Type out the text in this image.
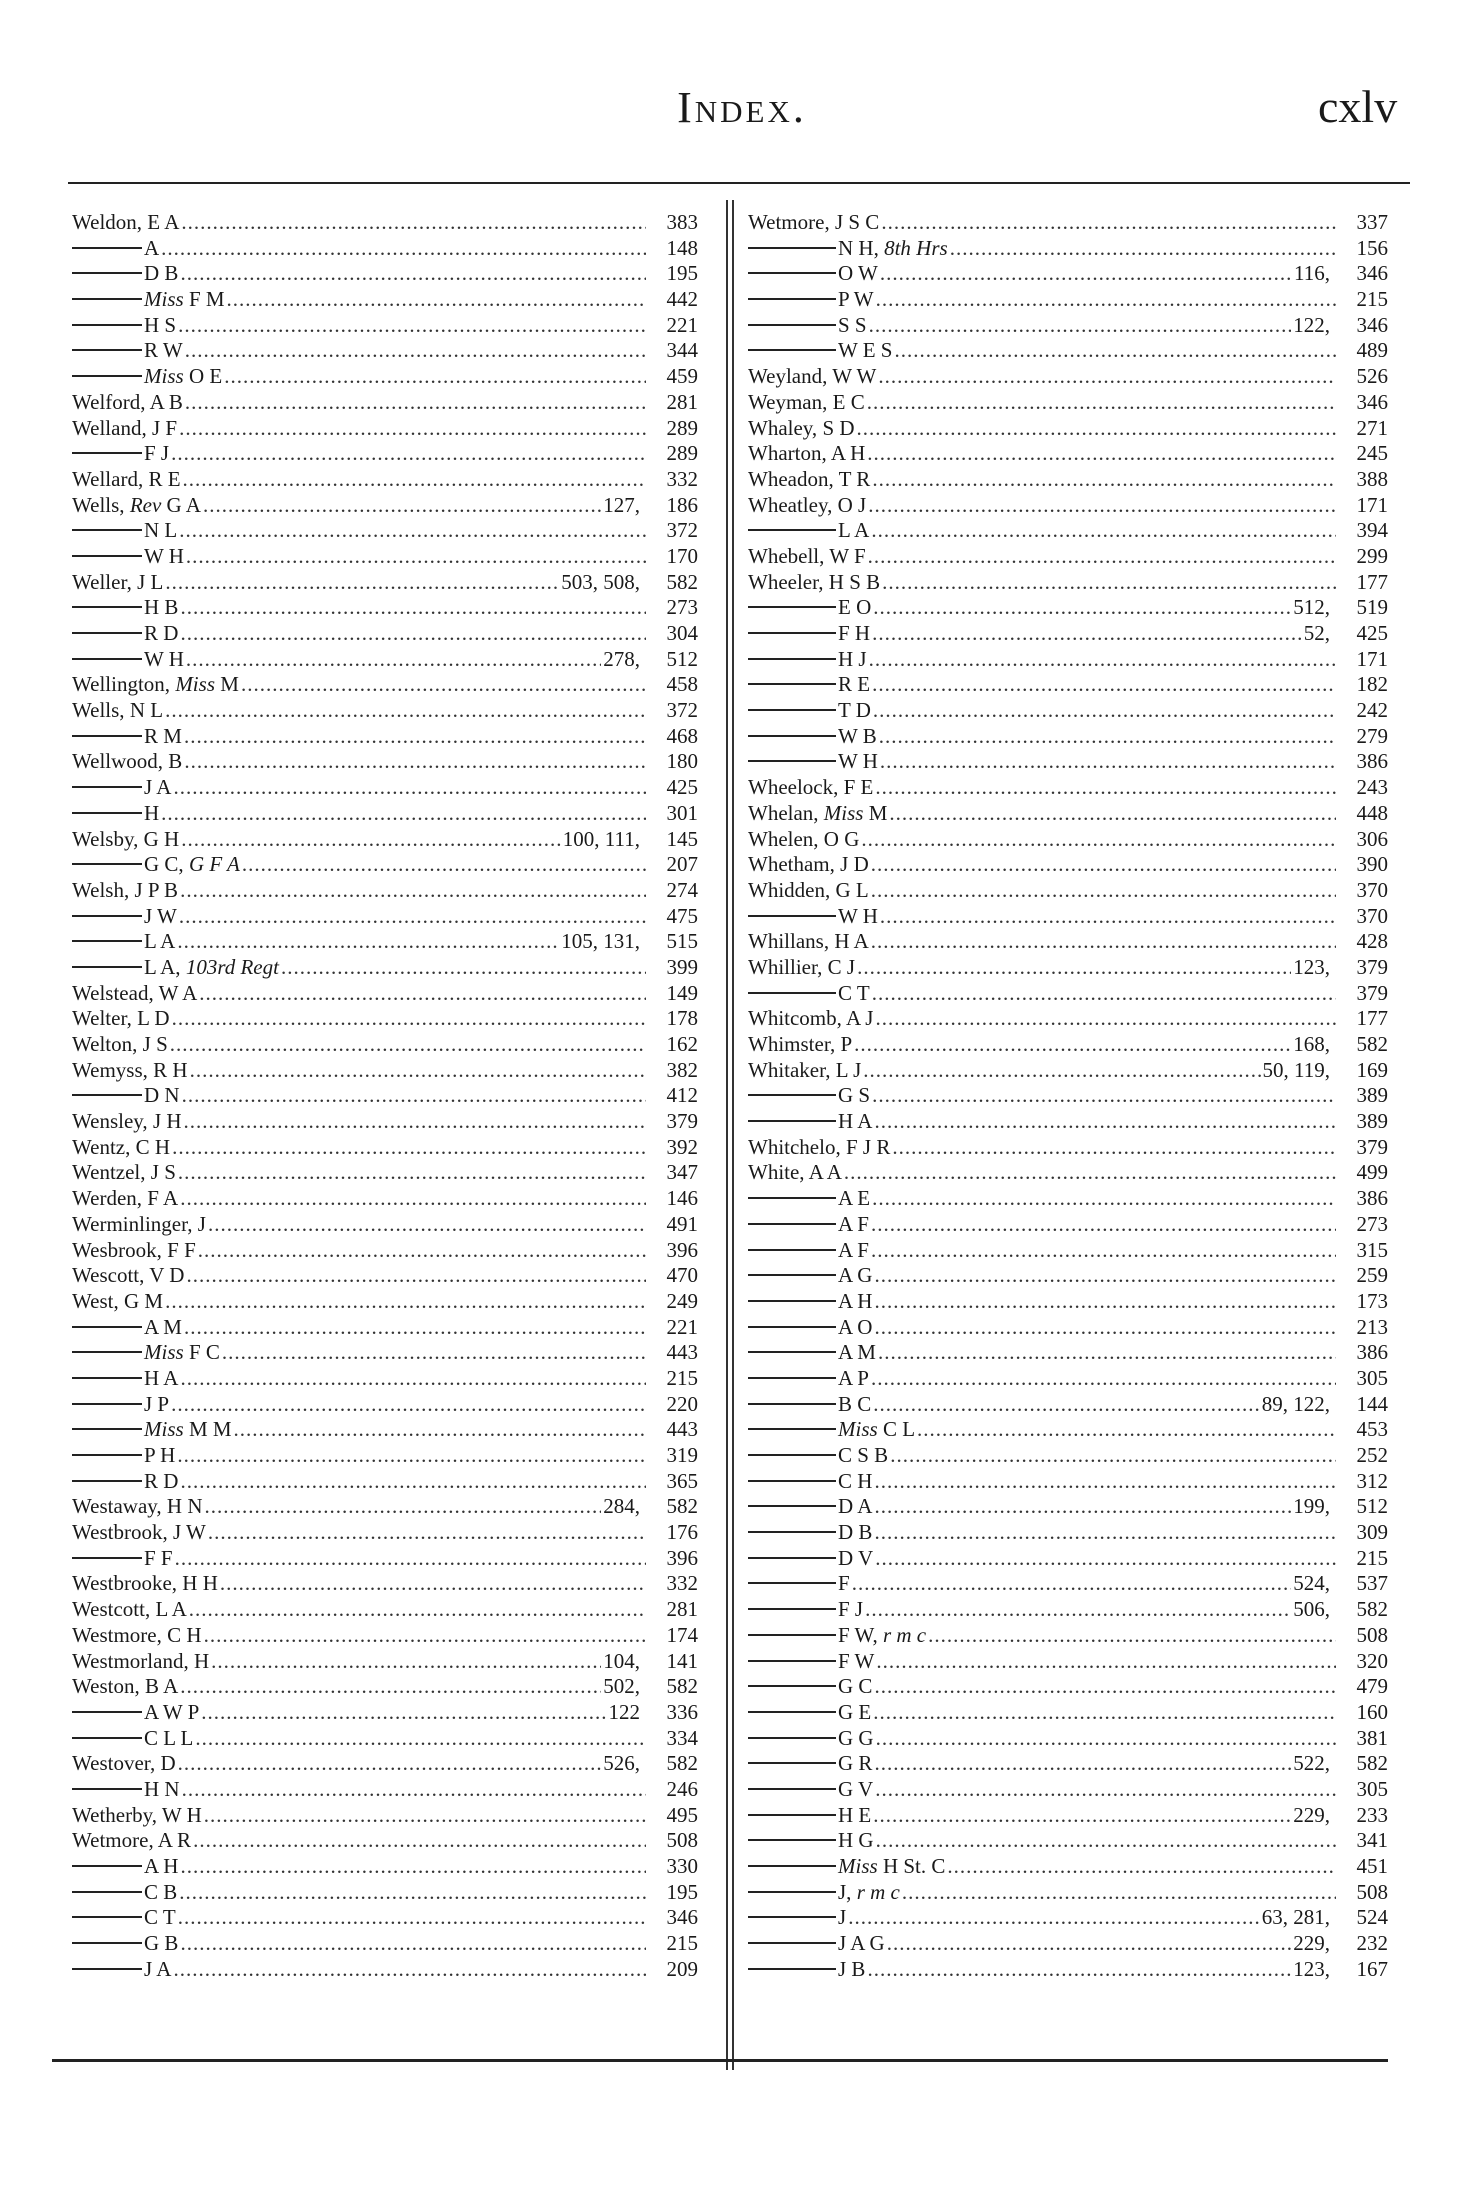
Index.	cxlv
Weldon, E A .....	383
A .....	148
D B .....	195
Miss F M .....	442
H S .....	221
R W .....	344
Miss O E .....	459
Welford, A B .....	281
Welland, J F .....	289
F J .....	289
Wellard, R E .....	332
Wells, Rev G A .....	127,	186
N L .....	372
W H .....	170
Weller, J L .....	503, 508,	582
H B .....	273
R D .....	304
W H .....	278,	512
Wellington, Miss M .....	458
Wells, N L .....	372
R M .....	468
Wellwood, B .....	180
J A .....	425
H .....	301
Welsby, G H .....	100, 111,	145
G C, G F A .....	207
Welsh, J P B .....	274
J W .....	475
L A .....	105, 131,	515
L A, 103rd Regt .....	399
Welstead, W A .....	149
Welter, L D .....	178
Welton, J S .....	162
Wemyss, R H .....	382
D N .....	412
Wensley, J H .....	379
Wentz, C H .....	392
Wentzel, J S .....	347
Werden, F A .....	146
Werminlinger, J .....	491
Wesbrook, F F .....	396
Wescott, V D .....	470
West, G M .....	249
A M .....	221
Miss F C .....	443
H A .....	215
J P .....	220
Miss M M .....	443
P H .....	319
R D .....	365
Westaway, H N .....	284,	582
Westbrook, J W .....	176
F F .....	396
Westbrooke, H H .....	332
Westcott, L A .....	281
Westmore, C H .....	174
Westmorland, H .....	104,	141
Weston, B A .....	502,	582
A W P .....	122	336
C L L .....	334
Westover, D .....	526,	582
H N .....	246
Wetherby, W H .....	495
Wetmore, A R .....	508
A H .....	330
C B .....	195
C T .....	346
G B .....	215
J A .....	209
Wetmore, J S C .....	337
N H, 8th Hrs .....	156
O W .....	116,	346
P W .....	215
S S .....	122,	346
W E S .....	489
Weyland, W W .....	526
Weyman, E C .....	346
Whaley, S D .....	271
Wharton, A H .....	245
Wheadon, T R .....	388
Wheatley, O J .....	171
L A .....	394
Whebell, W F .....	299
Wheeler, H S B .....	177
E O .....	512,	519
F H .....	52,	425
H J .....	171
R E .....	182
T D .....	242
W B .....	279
W H .....	386
Wheelock, F E .....	243
Whelan, Miss M .....	448
Whelen, O G .....	306
Whetham, J D .....	390
Whidden, G L .....	370
W H .....	370
Whillans, H A .....	428
Whillier, C J .....	123,	379
C T .....	379
Whitcomb, A J .....	177
Whimster, P .....	168,	582
Whitaker, L J .....	50, 119,	169
G S .....	389
H A .....	389
Whitchelo, F J R .....	379
White, A A .....	499
A E .....	386
A F .....	273
A F .....	315
A G .....	259
A H .....	173
A O .....	213
A M .....	386
A P .....	305
B C .....	89, 122,	144
Miss C L .....	453
C S B .....	252
C H .....	312
D A .....	199,	512
D B .....	309
D V .....	215
F .....	524,	537
F J .....	506,	582
F W, r m c .....	508
F W .....	320
G C .....	479
G E .....	160
G G .....	381
G R .....	522,	582
G V .....	305
H E .....	229,	233
H G .....	341
Miss H St. C .....	451
J, r m c .....	508
J .....	63, 281,	524
J A G .....	229,	232
J B .....	123,	167
